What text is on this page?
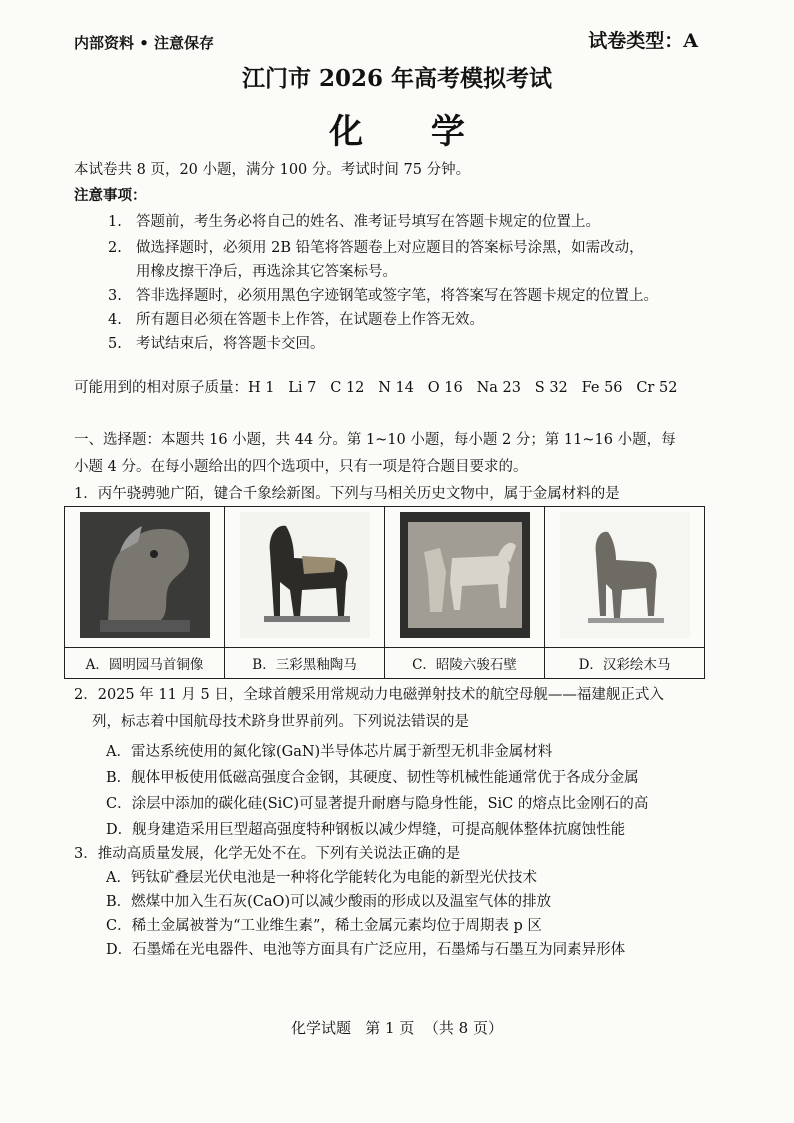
内部资料 • 注意保存	试卷类型：A
江门市 2026 年高考模拟考试
化 学
本试卷共 8 页，20 小题，满分 100 分。考试时间 75 分钟。
注意事项：
1. 答题前，考生务必将自己的姓名、准考证号填写在答题卡规定的位置上。
2. 做选择题时，必须用 2B 铅笔将答题卷上对应题目的答案标号涂黑，如需改动，
用橡皮擦干净后，再选涂其它答案标号。
3. 答非选择题时，必须用黑色字迹钢笔或签字笔，将答案写在答题卡规定的位置上。
4. 所有题目必须在答题卡上作答，在试题卷上作答无效。
5. 考试结束后，将答题卡交回。
可能用到的相对原子质量：H 1   Li 7   C 12   N 14   O 16   Na 23   S 32   Fe 56   Cr 52
一、选择题：本题共 16 小题，共 44 分。第 1~10 小题，每小题 2 分；第 11~16 小题，每
小题 4 分。在每小题给出的四个选项中，只有一项是符合题目要求的。
1．丙午骁骋驰广陌，键合千象绘新图。下列与马相关历史文物中，属于金属材料的是

A．圆明园马首铜像	B．三彩黑釉陶马	C．昭陵六骏石壁	D．汉彩绘木马
2．2025 年 11 月 5 日，全球首艘采用常规动力电磁弹射技术的航空母舰——福建舰正式入
列，标志着中国航母技术跻身世界前列。下列说法错误的是
A．雷达系统使用的氮化镓(GaN)半导体芯片属于新型无机非金属材料
B．舰体甲板使用低磁高强度合金钢，其硬度、韧性等机械性能通常优于各成分金属
C．涂层中添加的碳化硅(SiC)可显著提升耐磨与隐身性能，SiC 的熔点比金刚石的高
D．舰身建造采用巨型超高强度特种钢板以减少焊缝，可提高舰体整体抗腐蚀性能
3．推动高质量发展，化学无处不在。下列有关说法正确的是
A．钙钛矿叠层光伏电池是一种将化学能转化为电能的新型光伏技术
B．燃煤中加入生石灰(CaO)可以减少酸雨的形成以及温室气体的排放
C．稀土金属被誉为“工业维生素”，稀土金属元素均位于周期表 p 区
D．石墨烯在光电器件、电池等方面具有广泛应用，石墨烯与石墨互为同素异形体
化学试题   第 1 页  （共 8 页）
